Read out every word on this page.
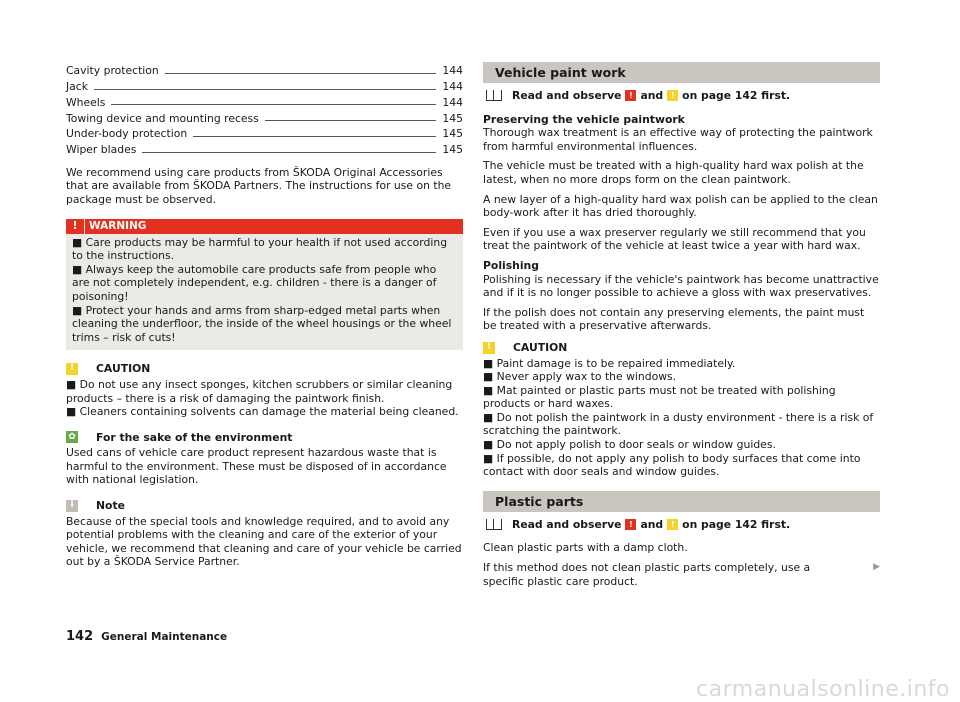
Cavity protection	144
Jack	144
Wheels	144
Towing device and mounting recess	145
Under-body protection	145
Wiper blades	145

We recommend using care products from ŠKODA Original Accessories that are available from ŠKODA Partners. The instructions for use on the package must be observed.

!	WARNING

■ Care products may be harmful to your health if not used according to the instructions.

■ Always keep the automobile care products safe from people who are not completely independent, e.g. children - there is a danger of poisoning!

■ Protect your hands and arms from sharp-edged metal parts when cleaning the underfloor, the inside of the wheel housings or the wheel trims – risk of cuts!

!	CAUTION

■ Do not use any insect sponges, kitchen scrubbers or similar cleaning products – there is a risk of damaging the paintwork finish.

■ Cleaners containing solvents can damage the material being cleaned.

✿	For the sake of the environment

Used cans of vehicle care product represent hazardous waste that is harmful to the environment. These must be disposed of in accordance with national legislation.

i	Note

Because of the special tools and knowledge required, and to avoid any potential problems with the cleaning and care of the exterior of your vehicle, we recommend that cleaning and care of your vehicle be carried out by a ŠKODA Service Partner.

Vehicle paint work
Read and observe ! and ! on page 142 first.

Preserving the vehicle paintwork

Thorough wax treatment is an effective way of protecting the paintwork from harmful environmental influences.

The vehicle must be treated with a high-quality hard wax polish at the latest, when no more drops form on the clean paintwork.

A new layer of a high-quality hard wax polish can be applied to the clean body-work after it has dried thoroughly.

Even if you use a wax preserver regularly we still recommend that you treat the paintwork of the vehicle at least twice a year with hard wax.

Polishing

Polishing is necessary if the vehicle's paintwork has become unattractive and if it is no longer possible to achieve a gloss with wax preservatives.

If the polish does not contain any preserving elements, the paint must be treated with a preservative afterwards.

!	CAUTION

■ Paint damage is to be repaired immediately.

■ Never apply wax to the windows.

■ Mat painted or plastic parts must not be treated with polishing products or hard waxes.

■ Do not polish the paintwork in a dusty environment - there is a risk of scratching the paintwork.

■ Do not apply polish to door seals or window guides.

■ If possible, do not apply any polish to body surfaces that come into contact with door seals and window guides.

Plastic parts
Read and observe ! and ! on page 142 first.

Clean plastic parts with a damp cloth.

If this method does not clean plastic parts completely, use a specific plastic care product.

▶
142 General Maintenance
carmanualsonline.info
